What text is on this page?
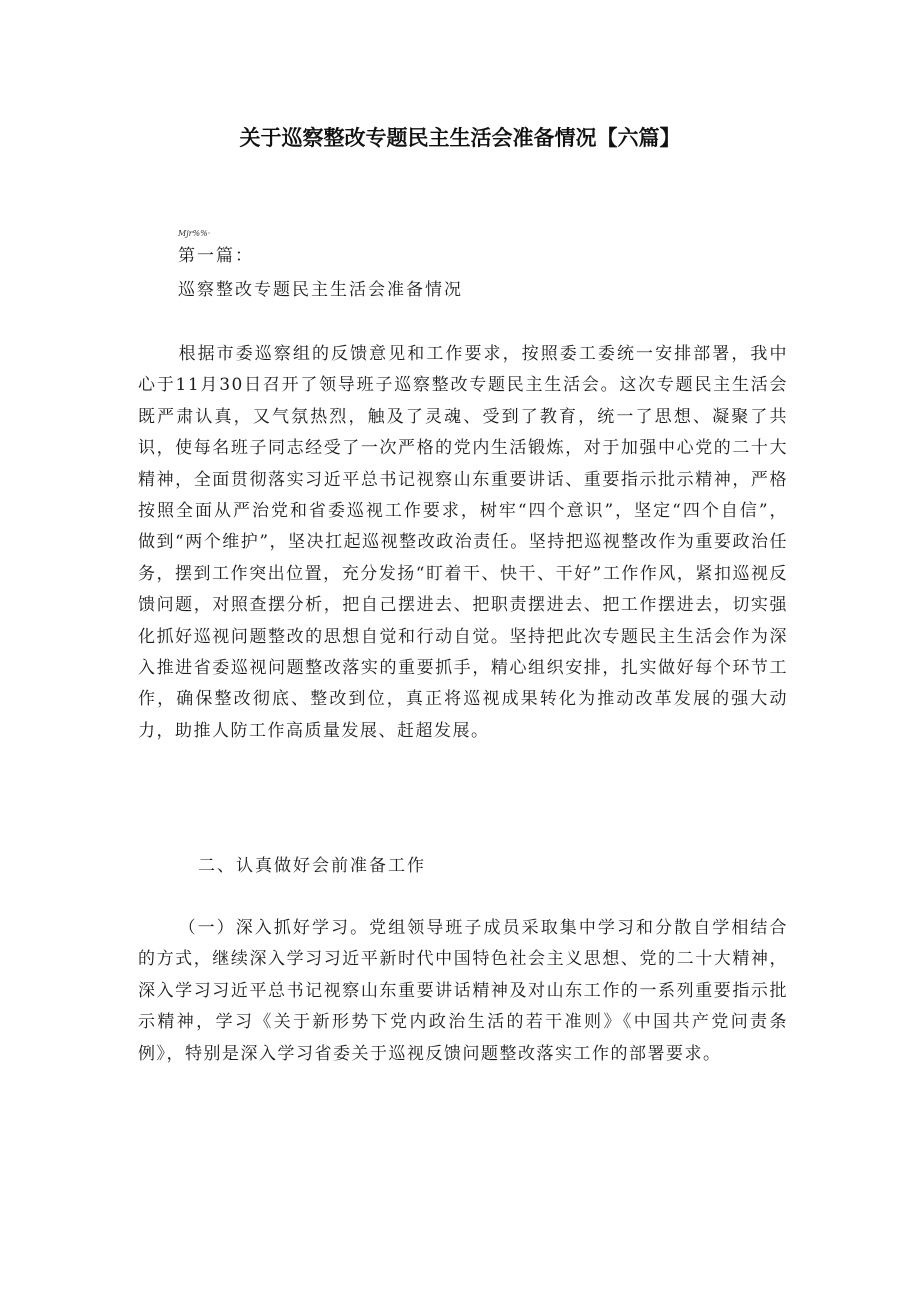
关于巡察整改专题民主生活会准备情况【六篇】

Mjr%%·

第一篇：

巡察整改专题民主生活会准备情况

根据市委巡察组的反馈意见和工作要求，按照委工委统一安排部署，我中心于11月30日召开了领导班子巡察整改专题民主生活会。这次专题民主生活会既严肃认真，又气氛热烈，触及了灵魂、受到了教育，统一了思想、凝聚了共识，使每名班子同志经受了一次严格的党内生活锻炼，对于加强中心党的二十大精神，全面贯彻落实习近平总书记视察山东重要讲话、重要指示批示精神，严格按照全面从严治党和省委巡视工作要求，树牢“四个意识”，坚定“四个自信”，做到“两个维护”，坚决扛起巡视整改政治责任。坚持把巡视整改作为重要政治任务，摆到工作突出位置，充分发扬“盯着干、快干、干好”工作作风，紧扣巡视反馈问题，对照查摆分析，把自己摆进去、把职责摆进去、把工作摆进去，切实强化抓好巡视问题整改的思想自觉和行动自觉。坚持把此次专题民主生活会作为深入推进省委巡视问题整改落实的重要抓手，精心组织安排，扎实做好每个环节工作，确保整改彻底、整改到位，真正将巡视成果转化为推动改革发展的强大动力，助推人防工作高质量发展、赶超发展。

二、认真做好会前准备工作

（一）深入抓好学习。党组领导班子成员采取集中学习和分散自学相结合的方式，继续深入学习习近平新时代中国特色社会主义思想、党的二十大精神，深入学习习近平总书记视察山东重要讲话精神及对山东工作的一系列重要指示批示精神，学习《关于新形势下党内政治生活的若干准则》《中国共产党问责条例》，特别是深入学习省委关于巡视反馈问题整改落实工作的部署要求。
